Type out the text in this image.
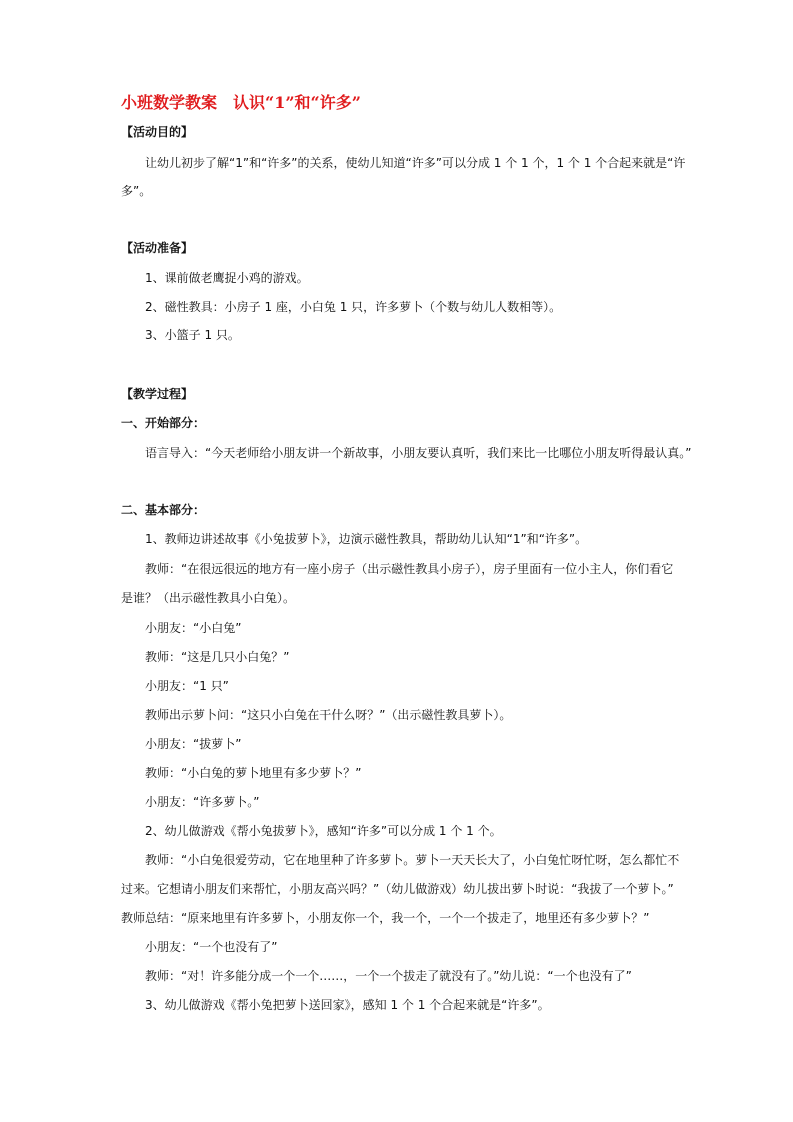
小班数学教案　认识“1”和“许多”
【活动目的】
让幼儿初步了解“1”和“许多”的关系，使幼儿知道“许多”可以分成 1 个 1 个，1 个 1 个合起来就是“许
多”。
【活动准备】
1、课前做老鹰捉小鸡的游戏。
2、磁性教具：小房子 1 座，小白兔 1 只，许多萝卜（个数与幼儿人数相等）。
3、小篮子 1 只。
【教学过程】
一、开始部分：
语言导入：“今天老师给小朋友讲一个新故事，小朋友要认真听，我们来比一比哪位小朋友听得最认真。”
二、基本部分：
1、教师边讲述故事《小兔拔萝卜》，边演示磁性教具，帮助幼儿认知“1”和“许多”。
教师：“在很远很远的地方有一座小房子（出示磁性教具小房子），房子里面有一位小主人，你们看它
是谁？（出示磁性教具小白兔）。
小朋友：“小白兔”
教师：“这是几只小白兔？”
小朋友：“1 只”
教师出示萝卜问：“这只小白兔在干什么呀？”（出示磁性教具萝卜）。
小朋友：“拔萝卜”
教师：“小白兔的萝卜地里有多少萝卜？”
小朋友：“许多萝卜。”
2、幼儿做游戏《帮小兔拔萝卜》，感知“许多”可以分成 1 个 1 个。
教师：“小白兔很爱劳动，它在地里种了许多萝卜。萝卜一天天长大了，小白兔忙呀忙呀，怎么都忙不
过来。它想请小朋友们来帮忙，小朋友高兴吗？”（幼儿做游戏）幼儿拔出萝卜时说：“我拔了一个萝卜。”
教师总结：“原来地里有许多萝卜，小朋友你一个，我一个，一个一个拔走了，地里还有多少萝卜？”
小朋友：“一个也没有了”
教师：“对！许多能分成一个一个……，一个一个拔走了就没有了。”幼儿说：“一个也没有了”
3、幼儿做游戏《帮小兔把萝卜送回家》，感知 1 个 1 个合起来就是“许多”。
